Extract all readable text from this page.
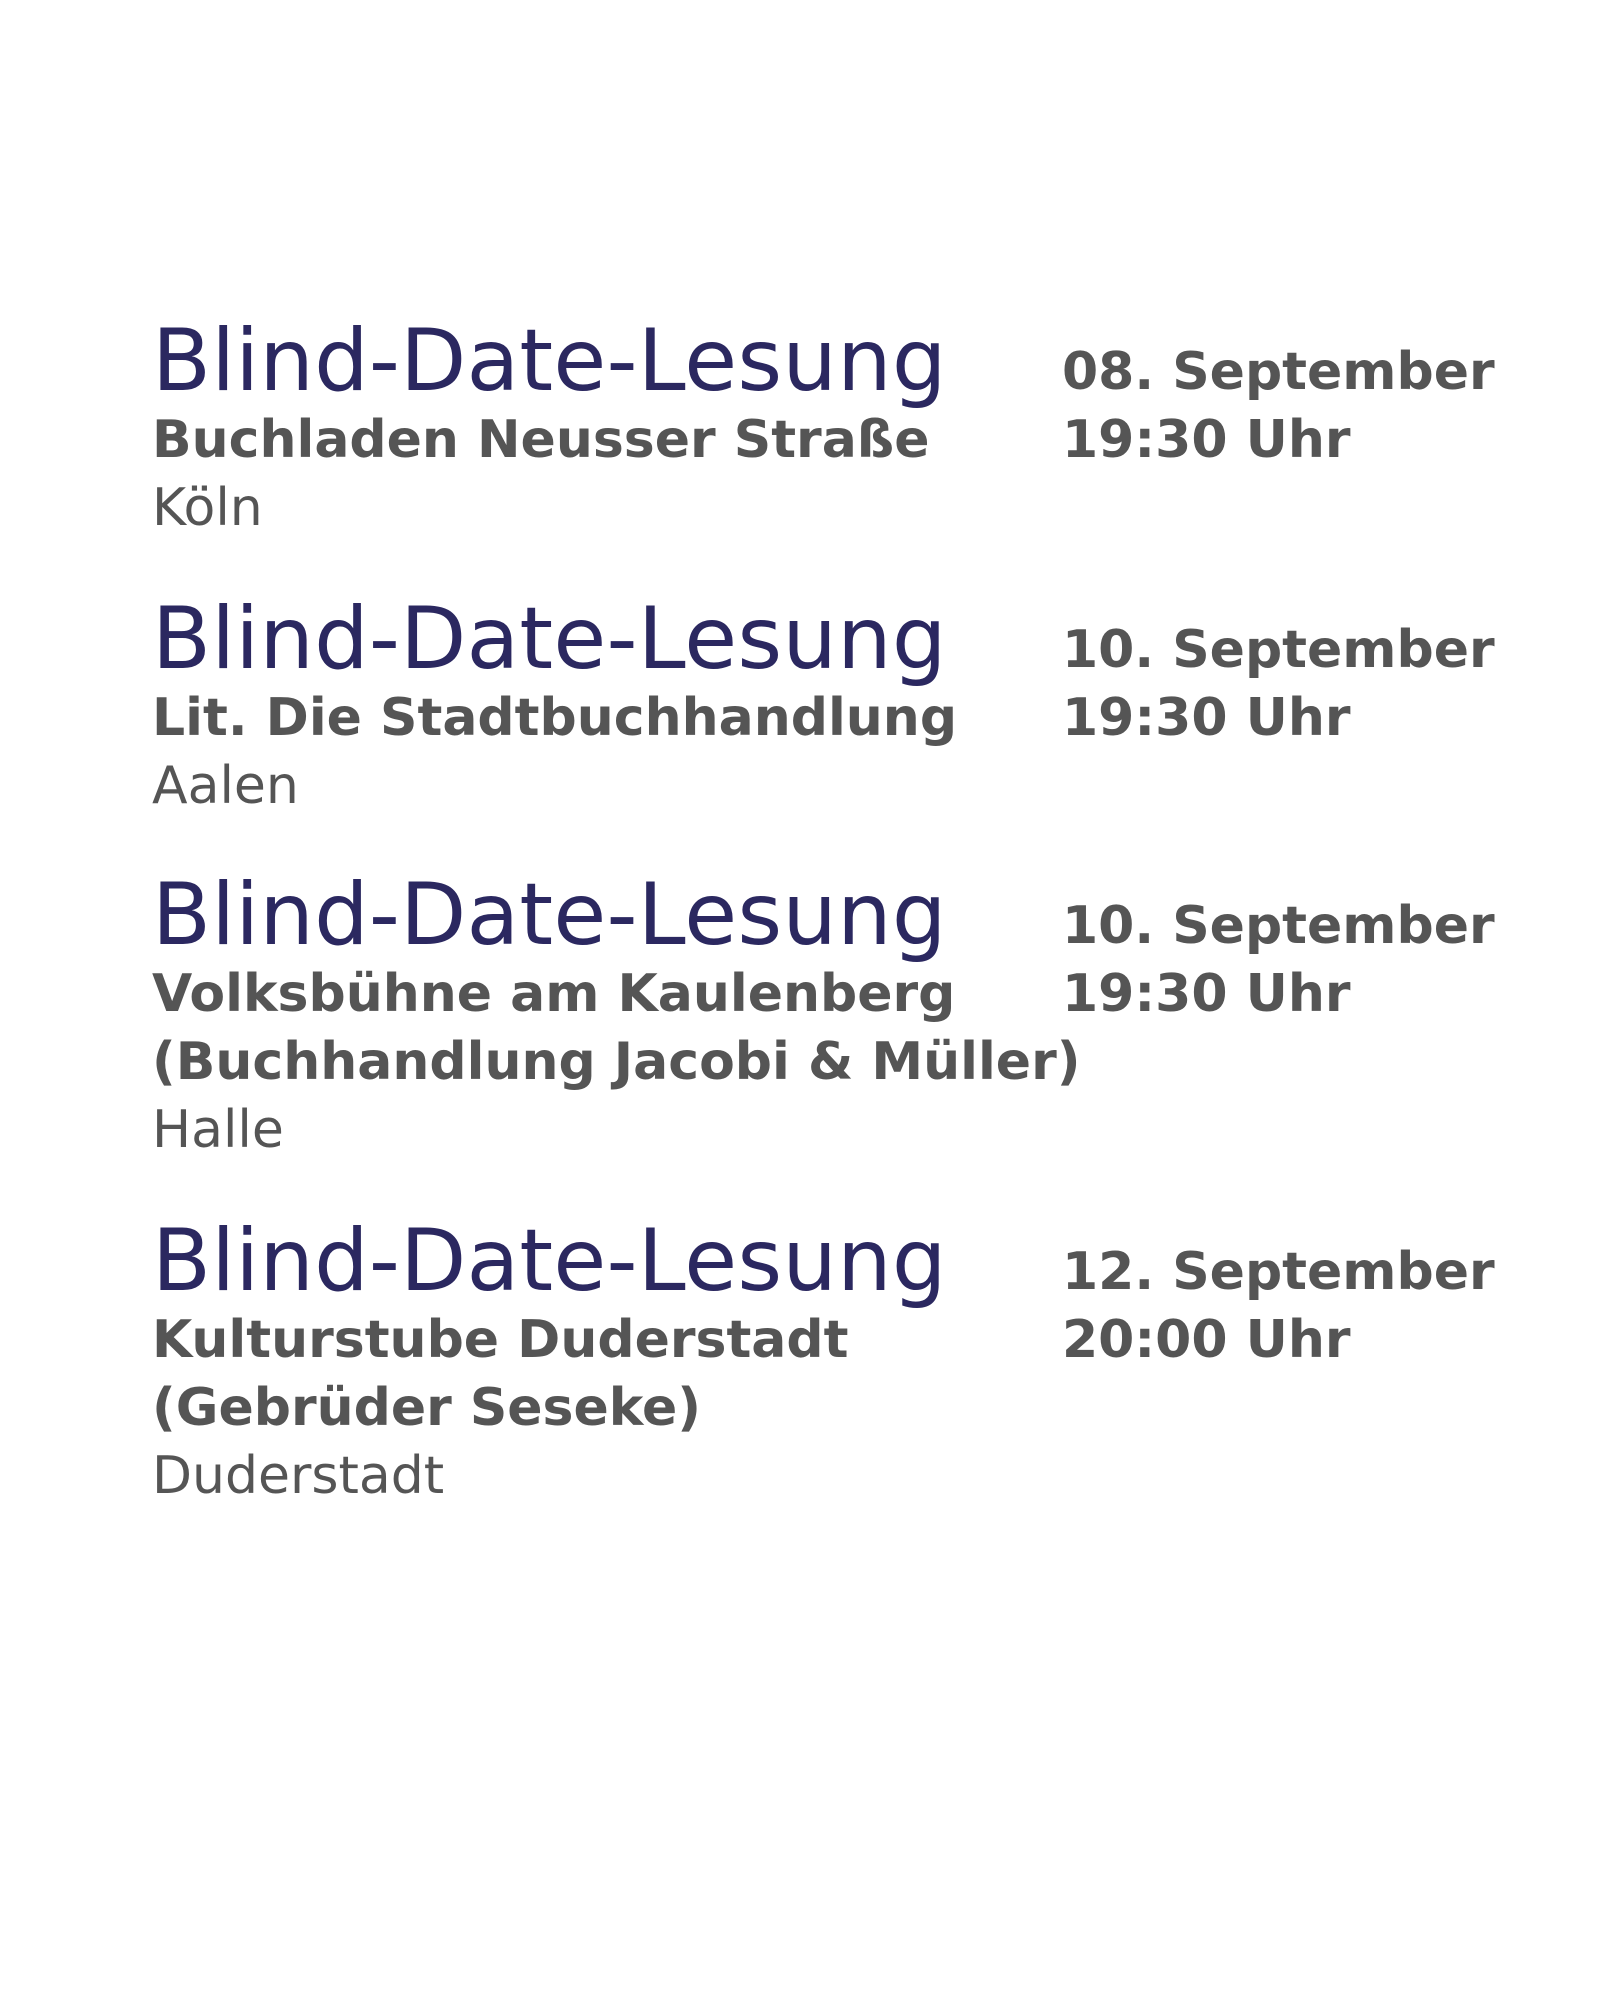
Blind-Date-Lesung
Buchladen Neusser Straße
Köln
08. September
19:30 Uhr
Blind-Date-Lesung
Lit. Die Stadtbuchhandlung
Aalen
10. September
19:30 Uhr
Blind-Date-Lesung
Volksbühne am Kaulenberg
(Buchhandlung Jacobi & Müller)
Halle
10. September
19:30 Uhr
Blind-Date-Lesung
Kulturstube Duderstadt
(Gebrüder Seseke)
Duderstadt
12. September
20:00 Uhr
